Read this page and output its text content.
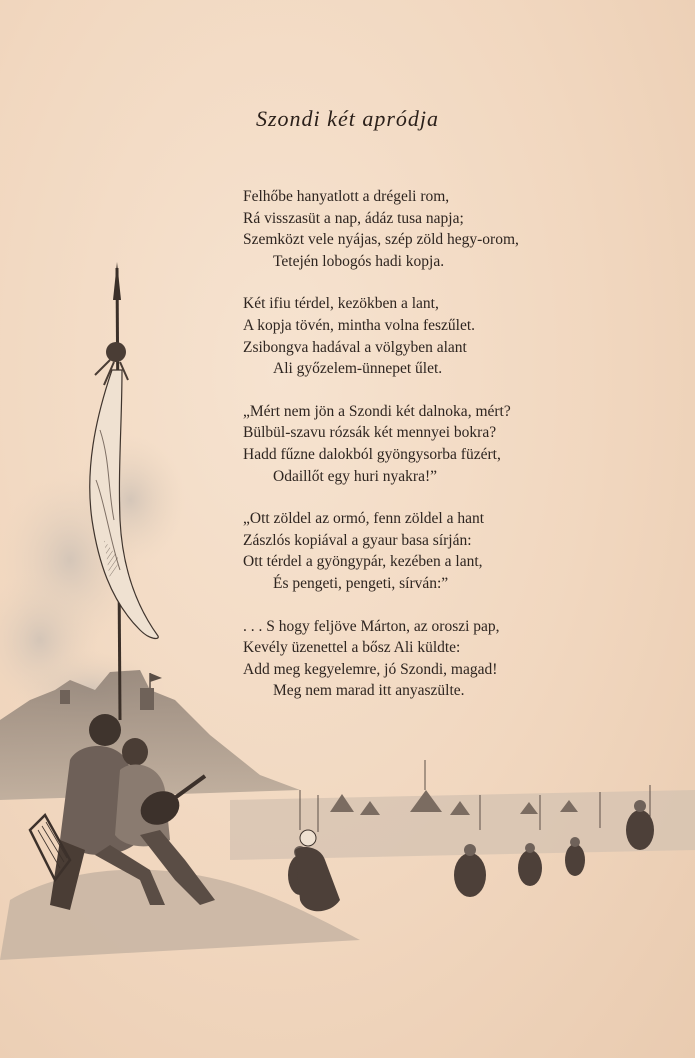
Szondi két apródja
Felhőbe hanyatlott a drégeli rom,
Rá visszasüt a nap, ádáz tusa napja;
Szemközt vele nyájas, szép zöld hegy-orom,
Tetején lobogós hadi kopja.
Két ifiu térdel, kezökben a lant,
A kopja tövén, mintha volna feszűlet.
Zsibongva hadával a völgyben alant
Ali győzelem-ünnepet űlet.
„Mért nem jön a Szondi két dalnoka, mért?
Bülbül-szavu rózsák két mennyei bokra?
Hadd fűzne dalokból gyöngysorba füzért,
Odaillőt egy huri nyakra!”
„Ott zöldel az ormó, fenn zöldel a hant
Zászlós kopiával a gyaur basa sírján:
Ott térdel a gyöngypár, kezében a lant,
És pengeti, pengeti, sírván:”
. . . S hogy feljöve Márton, az oroszi pap,
Kevély üzenettel a bősz Ali küldte:
Add meg kegyelemre, jó Szondi, magad!
Meg nem marad itt anyaszülte.
